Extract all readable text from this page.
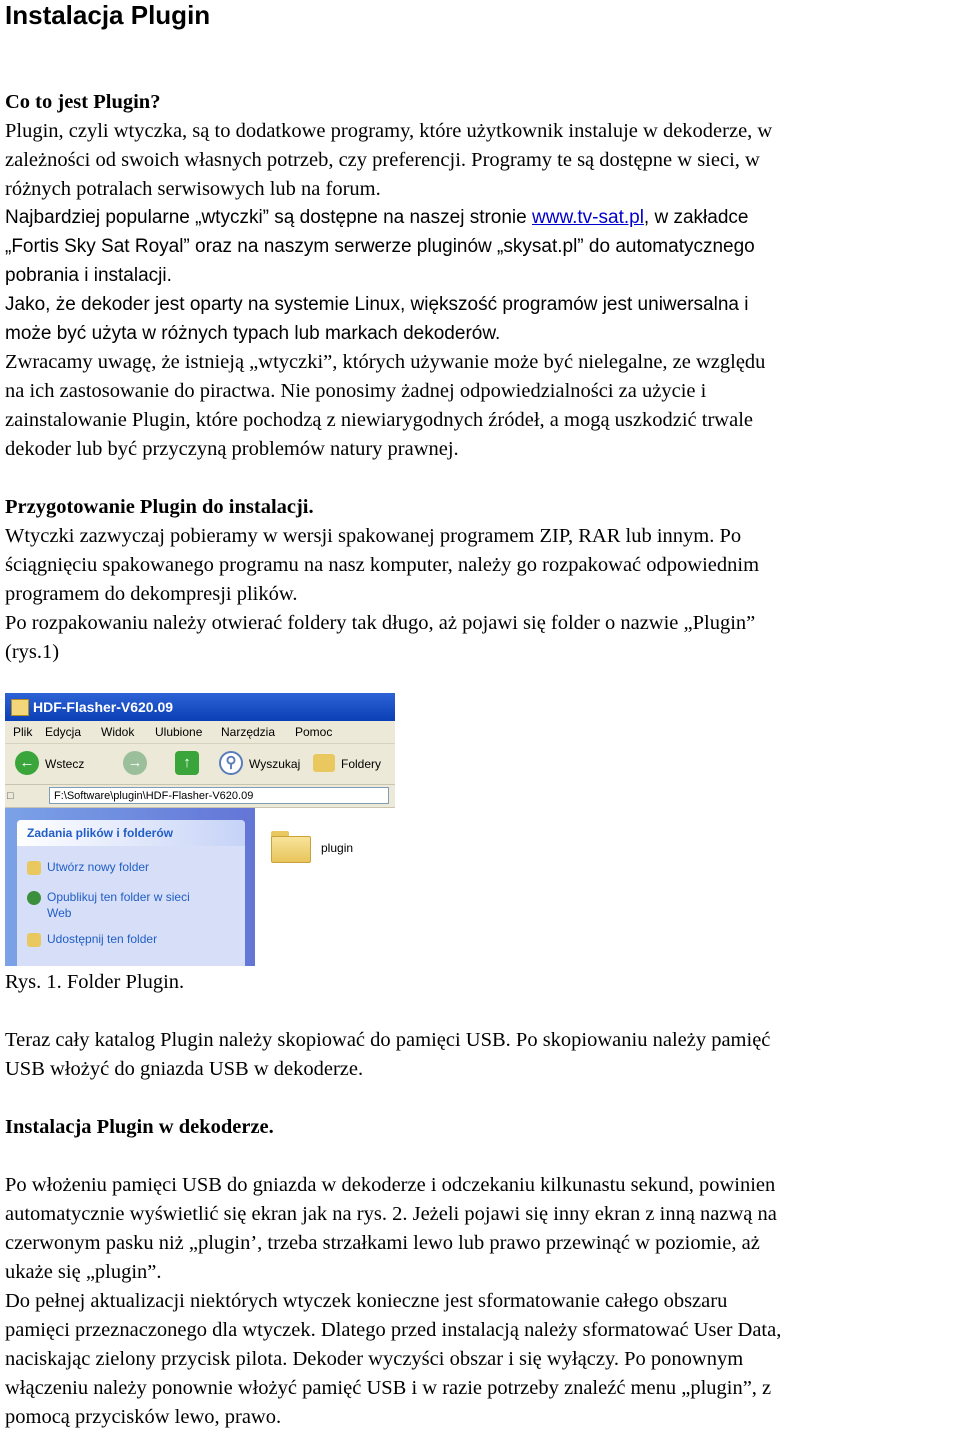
Instalacja Plugin
Co to jest Plugin?
Plugin, czyli wtyczka, są to dodatkowe programy, które użytkownik instaluje w dekoderze, w
zależności od swoich własnych potrzeb, czy preferencji. Programy te są dostępne w sieci, w
różnych potralach serwisowych lub na forum.
Najbardziej popularne „wtyczki” są dostępne na naszej stronie www.tv-sat.pl, w zakładce
„Fortis Sky Sat Royal” oraz na naszym serwerze pluginów „skysat.pl” do automatycznego
pobrania i instalacji.
Jako, że dekoder jest oparty na systemie Linux, większość programów jest uniwersalna i
może być użyta w różnych typach lub markach dekoderów.
Zwracamy uwagę, że istnieją „wtyczki”, których używanie może być nielegalne, ze względu
na ich zastosowanie do piractwa. Nie ponosimy żadnej odpowiedzialności za użycie i
zainstalowanie Plugin, które pochodzą z niewiarygodnych źródeł, a mogą uszkodzić trwale
dekoder lub być przyczyną problemów natury prawnej.
Przygotowanie Plugin do instalacji.
Wtyczki zazwyczaj pobieramy w wersji spakowanej programem ZIP, RAR lub innym. Po
ściągnięciu spakowanego programu na nasz komputer, należy go rozpakować odpowiednim
programem do dekompresji plików.
Po rozpakowaniu należy otwierać foldery tak długo, aż pojawi się folder o nazwie „Plugin”
(rys.1)
HDF-Flasher-V620.09
Plik Edycja Widok Ulubione Narzędzia Pomoc
← Wstecz	→	↑	⚲	Wyszukaj	Foldery
□	F:\Software\plugin\HDF-Flasher-V620.09
Zadania plików i folderów
Utwórz nowy folder
Opublikuj ten folder w sieci
Web
Udostępnij ten folder
plugin
Rys. 1. Folder Plugin.
Teraz cały katalog Plugin należy skopiować do pamięci USB. Po skopiowaniu należy pamięć
USB włożyć do gniazda USB w dekoderze.
Instalacja Plugin w dekoderze.
Po włożeniu pamięci USB do gniazda w dekoderze i odczekaniu kilkunastu sekund, powinien
automatycznie wyświetlić się ekran jak na rys. 2. Jeżeli pojawi się inny ekran z inną nazwą na
czerwonym pasku niż „plugin’, trzeba strzałkami lewo lub prawo przewinąć w poziomie, aż
ukaże się „plugin”.
Do pełnej aktualizacji niektórych wtyczek konieczne jest sformatowanie całego obszaru
pamięci przeznaczonego dla wtyczek. Dlatego przed instalacją należy sformatować User Data,
naciskając zielony przycisk pilota. Dekoder wyczyści obszar i się wyłączy. Po ponownym
włączeniu należy ponownie włożyć pamięć USB i w razie potrzeby znaleźć menu „plugin”, z
pomocą przycisków lewo, prawo.
